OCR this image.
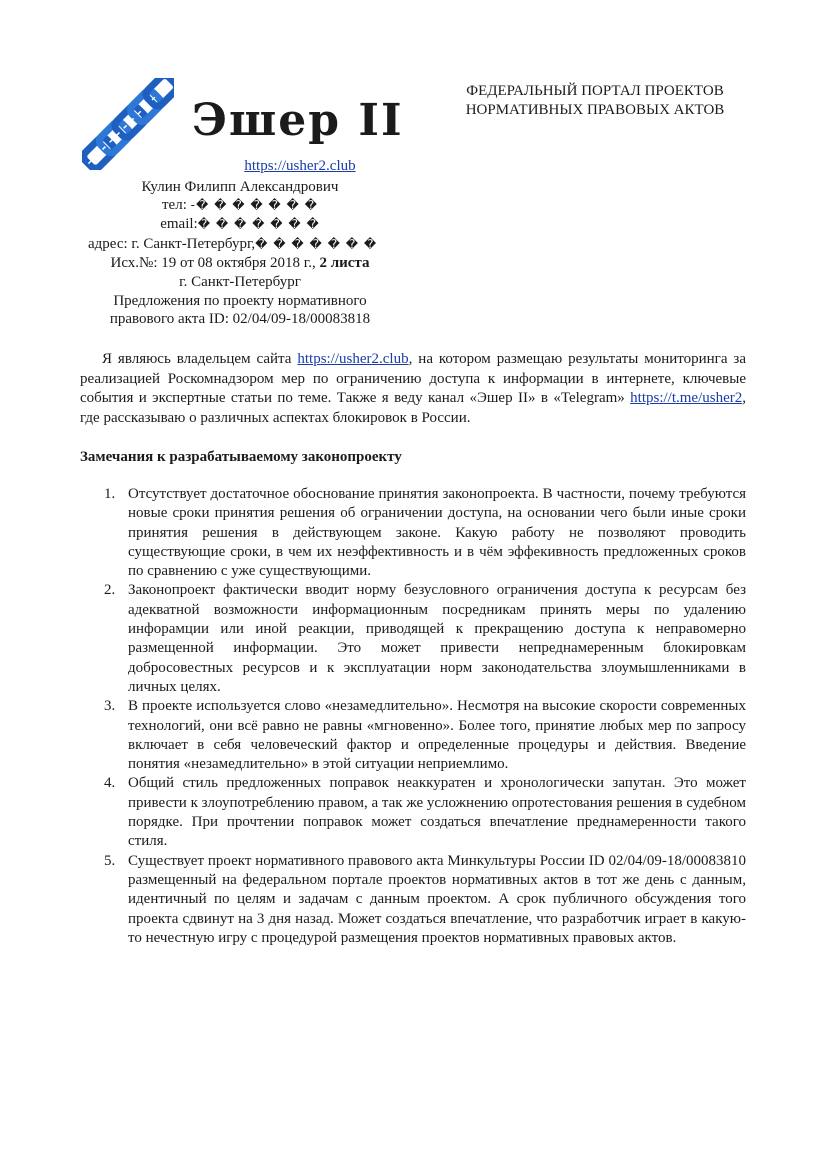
Эшер II
ФЕДЕРАЛЬНЫЙ ПОРТАЛ ПРОЕКТОВ
НОРМАТИВНЫХ ПРАВОВЫХ АКТОВ
https://usher2.club
Кулин Филипп Александрович
тел: -� � � � � � �
email:� � � � � � �
адрес: г. Санкт-Петербург,� � � � � � �
Исх.№: 19 от 08 октября 2018 г., 2 листа
г. Санкт-Петербург
Предложения по проекту нормативного
правового акта ID: 02/04/09-18/00083818

Я являюсь владельцем сайта https://usher2.club, на котором размещаю результаты мониторинга за реализацией Роскомнадзором мер по ограничению доступа к информации в интернете, ключевые события и экспертные статьи по теме. Также я веду канал «Эшер II» в «Telegram» https://t.me/usher2, где рассказываю о различных аспектах блокировок в России.

Замечания к разрабатываемому законопроекту
1. Отсутствует достаточное обоснование принятия законопроекта. В частности, почему требуются новые сроки принятия решения об ограничении доступа, на основании чего были иные сроки принятия решения в действующем законе. Какую работу не позволяют проводить существующие сроки, в чем их неэффективность и в чём эффекивность предложенных сроков по сравнению с уже существующими.
2. Законопроект фактически вводит норму безусловного ограничения доступа к ресурсам без адекватной возможности информационным посредникам принять меры по удалению инфорамции или иной реакции, приводящей к прекращению доступа к неправомерно размещенной информации. Это может привести непреднамеренным блокировкам добросовестных ресурсов и к эксплуатации норм законодательства злоумышленниками в личных целях.
3. В проекте используется слово «незамедлительно». Несмотря на высокие скорости современных технологий, они всё равно не равны «мгновенно». Более того, принятие любых мер по запросу включает в себя человеческий фактор и определенные процедуры и действия. Введение понятия «незамедлительно» в этой ситуации неприемлимо.
4. Общий стиль предложенных поправок неаккуратен и хронологически запутан. Это может привести к злоупотреблению правом, а так же усложнению опротестования решения в судебном порядке. При прочтении поправок может создаться впечатление преднамеренности такого стиля.
5. Существует проект нормативного правового акта Минкультуры России ID 02/04/09-18/00083810 размещенный на федеральном портале проектов нормативных актов в тот же день с данным, идентичный по целям и задачам с данным проектом. А срок публичного обсуждения того проекта сдвинут на 3 дня назад. Может создаться впечатление, что разработчик играет в какую-то нечестную игру с процедурой размещения проектов нормативных правовых актов.
